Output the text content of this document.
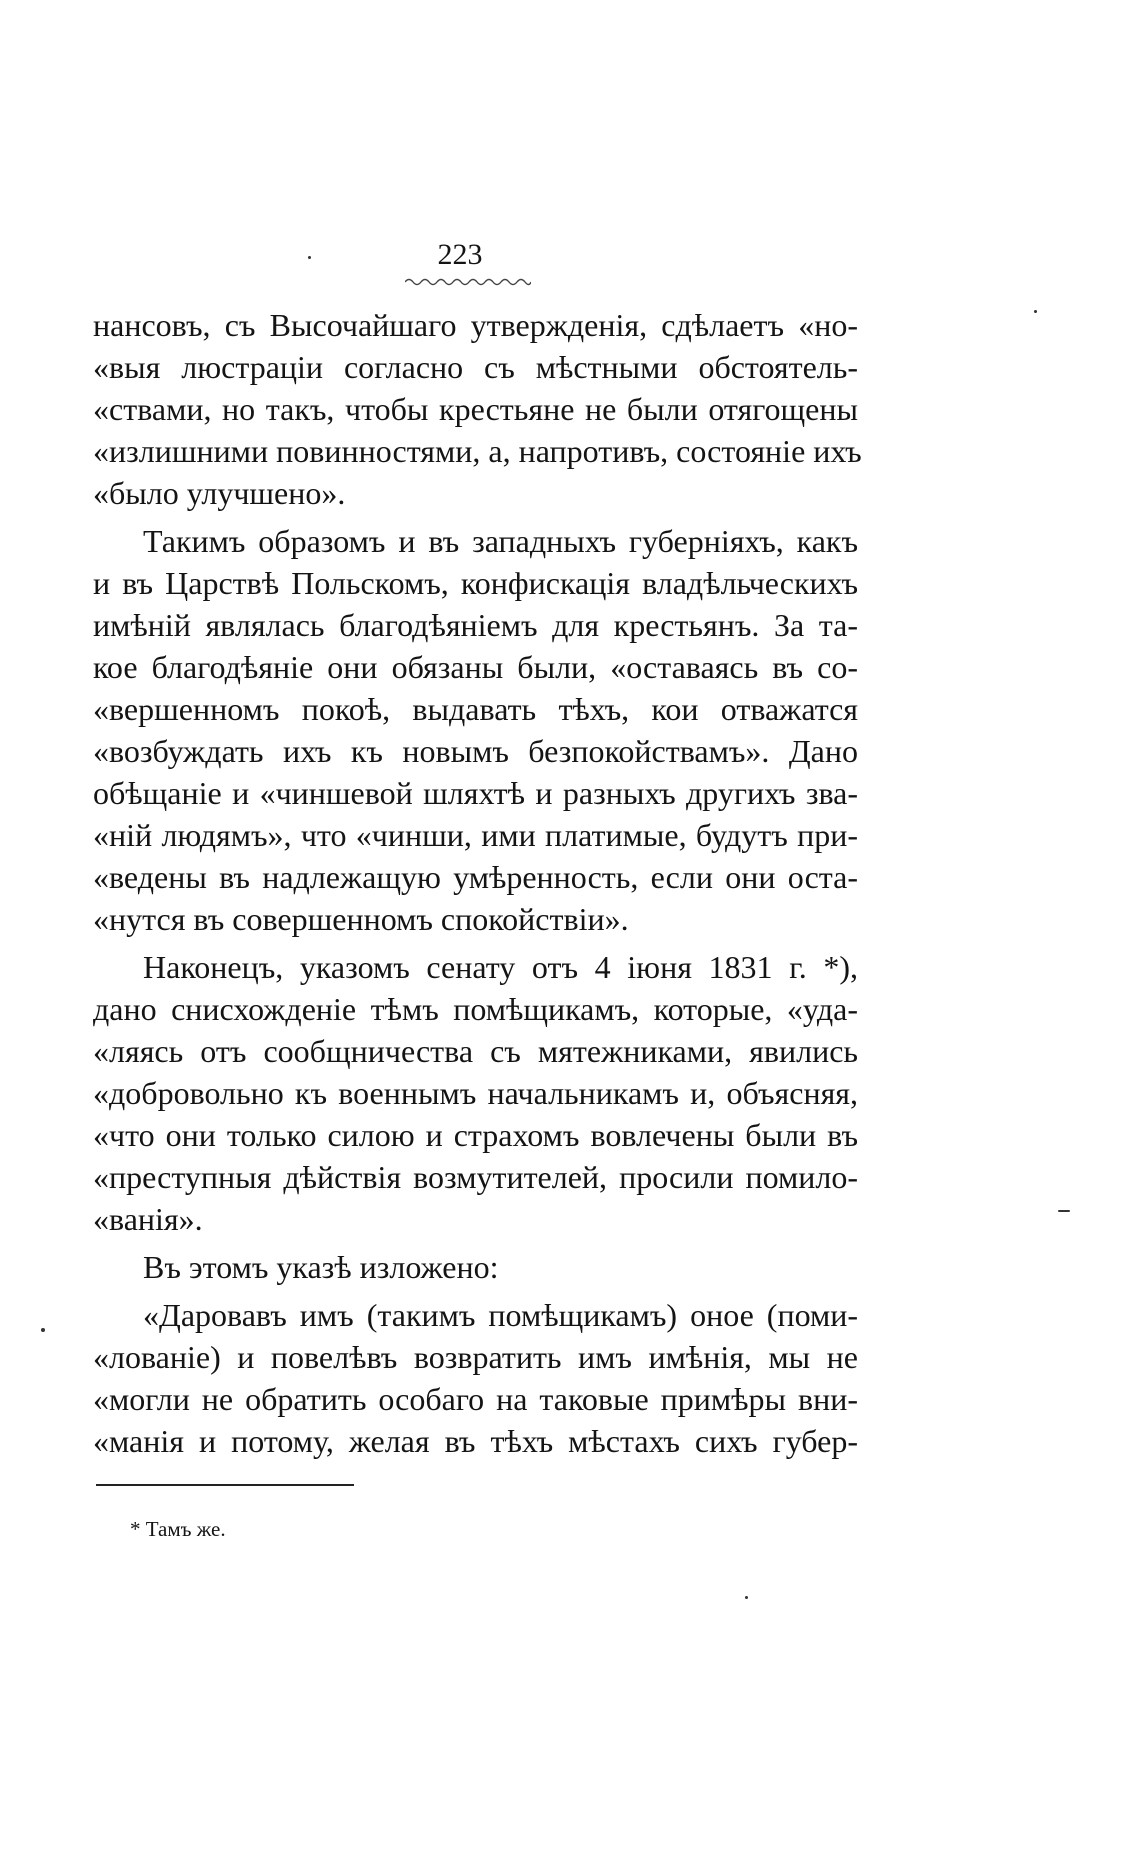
223
нансовъ, съ Высочайшаго утвержденія, сдѣлаетъ «но-
«выя люстраціи согласно съ мѣстными обстоятель-
«ствами, но такъ, чтобы крестьяне не были отягощены
«излишними повинностями, а, напротивъ, состояніе ихъ
«было улучшено».
Такимъ образомъ и въ западныхъ губерніяхъ, какъ
и въ Царствѣ Польскомъ, конфискація владѣльческихъ
имѣній являлась благодѣяніемъ для крестьянъ. За та-
кое благодѣяніе они обязаны были, «оставаясь въ со-
«вершенномъ покоѣ, выдавать тѣхъ, кои отважатся
«возбуждать ихъ къ новымъ безпокойствамъ». Дано
обѣщаніе и «чиншевой шляхтѣ и разныхъ другихъ зва-
«ній людямъ», что «чинши, ими платимые, будутъ при-
«ведены въ надлежащую умѣренность, если они оста-
«нутся въ совершенномъ спокойствіи».
Наконецъ, указомъ сенату отъ 4 іюня 1831 г. *),
дано снисхожденіе тѣмъ помѣщикамъ, которые, «уда-
«ляясь отъ сообщничества съ мятежниками, явились
«добровольно къ военнымъ начальникамъ и, объясняя,
«что они только силою и страхомъ вовлечены были въ
«преступныя дѣйствія возмутителей, просили помило-
«ванія».
Въ этомъ указѣ изложено:
«Даровавъ имъ (такимъ помѣщикамъ) оное (поми-
«лованіе) и повелѣвъ возвратить имъ имѣнія, мы не
«могли не обратить особаго на таковые примѣры вни-
«манія и потому, желая въ тѣхъ мѣстахъ сихъ губер-
* Тамъ же.
